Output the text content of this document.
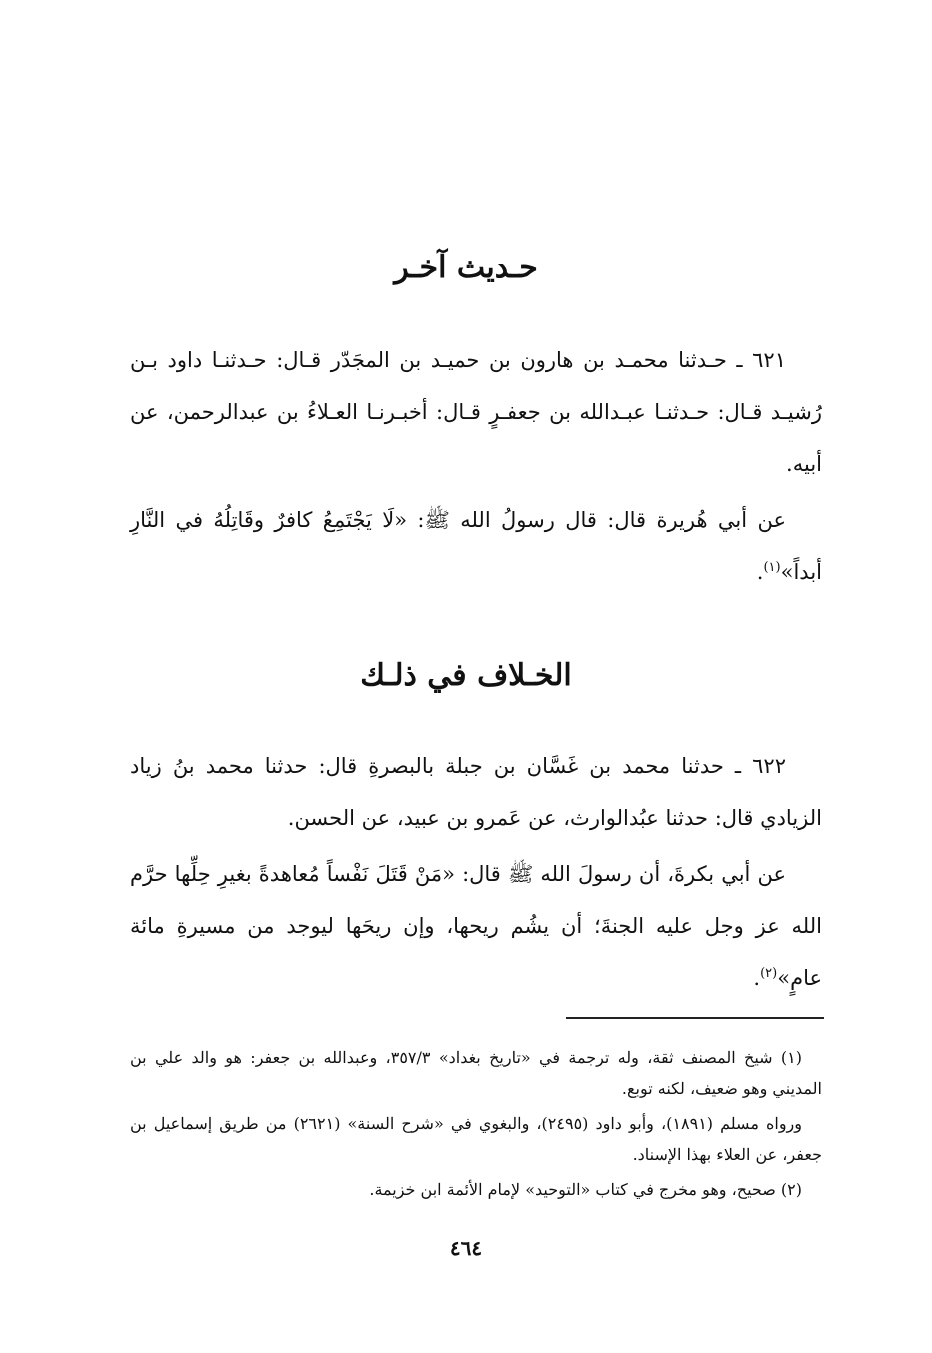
حـديث آخـر

٦٢١ ـ حـدثنا محمـد بن هارون بن حميـد بن المجَدّر قـال: حـدثنـا داود بـن رُشيـد قـال: حـدثنـا عبـدالله بن جعفـرٍ قـال: أخبـرنـا العـلاءُ بن عبدالرحمن، عن أبيه.

عن أبي هُريرة قال: قال رسولُ الله ﷺ: «لَا يَجْتَمِعُ كافرٌ وقَاتِلُهُ في النَّارِ أبداً»$^{(١)}$.

الخـلاف في ذلـك

٦٢٢ ـ حدثنا محمد بن غَسَّان بن جبلة بالبصرةِ قال: حدثنا محمد بنُ زياد الزيادي قال: حدثنا عبُدالوارث، عن عَمرو بن عبيد، عن الحسن.

عن أبي بكرةَ، أن رسولَ الله ﷺ قال: «مَنْ قَتَلَ نَفْساً مُعاهدةً بغيرِ حِلِّها حرَّم الله عز وجل عليه الجنةَ؛ أن يشُم ريحها، وإن ريحَها ليوجد من مسيرةِ مائة عامٍ»$^{(٢)}$.

(١) شيخ المصنف ثقة، وله ترجمة في «تاريخ بغداد» ٣٥٧/٣، وعبدالله بن جعفر: هو والد علي بن المديني وهو ضعيف، لكنه توبع.

ورواه مسلم (١٨٩١)، وأبو داود (٢٤٩٥)، والبغوي في «شرح السنة» (٢٦٢١) من طريق إسماعيل بن جعفر، عن العلاء بهذا الإسناد.

(٢) صحيح، وهو مخرج في كتاب «التوحيد» لإمام الأئمة ابن خزيمة.

٤٦٤
